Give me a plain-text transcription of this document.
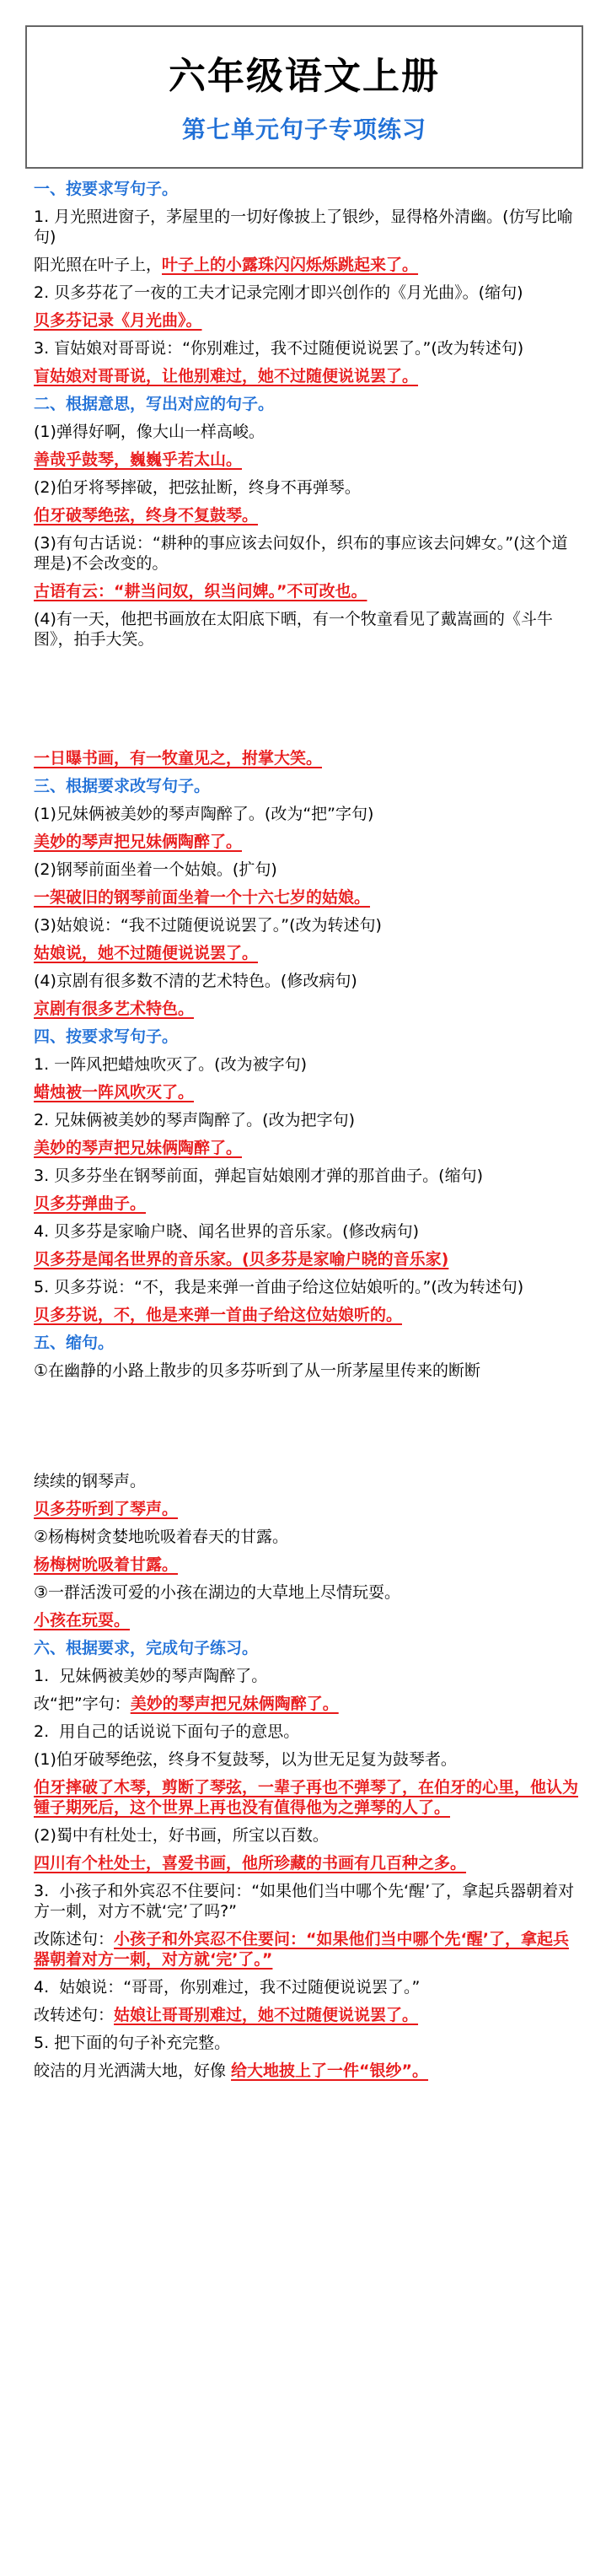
六年级语文上册
第七单元句子专项练习
一、按要求写句子。
1. 月光照进窗子，茅屋里的一切好像披上了银纱，显得格外清幽。(仿写比喻句)
阳光照在叶子上，叶子上的小露珠闪闪烁烁跳起来了。
2. 贝多芬花了一夜的工夫才记录完刚才即兴创作的《月光曲》。(缩句)
贝多芬记录《月光曲》。
3. 盲姑娘对哥哥说：“你别难过，我不过随便说说罢了。”(改为转述句)
盲姑娘对哥哥说，让他别难过，她不过随便说说罢了。
二、根据意思，写出对应的句子。
(1)弹得好啊，像大山一样高峻。
善哉乎鼓琴，巍巍乎若太山。
(2)伯牙将琴摔破，把弦扯断，终身不再弹琴。
伯牙破琴绝弦，终身不复鼓琴。
(3)有句古话说：“耕种的事应该去问奴仆，织布的事应该去问婢女。”(这个道理是)不会改变的。
古语有云：“耕当问奴，织当问婢。”不可改也。
(4)有一天，他把书画放在太阳底下晒，有一个牧童看见了戴嵩画的《斗牛图》，拍手大笑。
一日曝书画，有一牧童见之，拊掌大笑。
三、根据要求改写句子。
(1)兄妹俩被美妙的琴声陶醉了。(改为“把”字句)
美妙的琴声把兄妹俩陶醉了。
(2)钢琴前面坐着一个姑娘。(扩句)
一架破旧的钢琴前面坐着一个十六七岁的姑娘。
(3)姑娘说：“我不过随便说说罢了。”(改为转述句)
姑娘说，她不过随便说说罢了。
(4)京剧有很多数不清的艺术特色。(修改病句)
京剧有很多艺术特色。
四、按要求写句子。
1. 一阵风把蜡烛吹灭了。(改为被字句)
蜡烛被一阵风吹灭了。
2. 兄妹俩被美妙的琴声陶醉了。(改为把字句)
美妙的琴声把兄妹俩陶醉了。
3. 贝多芬坐在钢琴前面，弹起盲姑娘刚才弹的那首曲子。(缩句)
贝多芬弹曲子。
4. 贝多芬是家喻户晓、闻名世界的音乐家。(修改病句)
贝多芬是闻名世界的音乐家。(贝多芬是家喻户晓的音乐家)
5. 贝多芬说：“不，我是来弹一首曲子给这位姑娘听的。”(改为转述句)
贝多芬说，不，他是来弹一首曲子给这位姑娘听的。
五、缩句。
①在幽静的小路上散步的贝多芬听到了从一所茅屋里传来的断断
续续的钢琴声。
贝多芬听到了琴声。
②杨梅树贪婪地吮吸着春天的甘露。
杨梅树吮吸着甘露。
③一群活泼可爱的小孩在湖边的大草地上尽情玩耍。
小孩在玩耍。
六、根据要求，完成句子练习。
1.  兄妹俩被美妙的琴声陶醉了。
改“把”字句：美妙的琴声把兄妹俩陶醉了。
2.  用自己的话说说下面句子的意思。
(1)伯牙破琴绝弦，终身不复鼓琴，以为世无足复为鼓琴者。
伯牙摔破了木琴，剪断了琴弦，一辈子再也不弹琴了，在伯牙的心里，他认为锺子期死后，这个世界上再也没有值得他为之弹琴的人了。
(2)蜀中有杜处士，好书画，所宝以百数。
四川有个杜处士，喜爱书画，他所珍藏的书画有几百种之多。
3.  小孩子和外宾忍不住要问：“如果他们当中哪个先‘醒’了，拿起兵器朝着对方一刺，对方不就‘完’了吗?”
改陈述句：小孩子和外宾忍不住要问：“如果他们当中哪个先‘醒’了，拿起兵器朝着对方一刺，对方就‘完’了。”
4.  姑娘说：“哥哥，你别难过，我不过随便说说罢了。”
改转述句：姑娘让哥哥别难过，她不过随便说说罢了。
5. 把下面的句子补充完整。
皎洁的月光洒满大地，好像 给大地披上了一件“银纱”。
